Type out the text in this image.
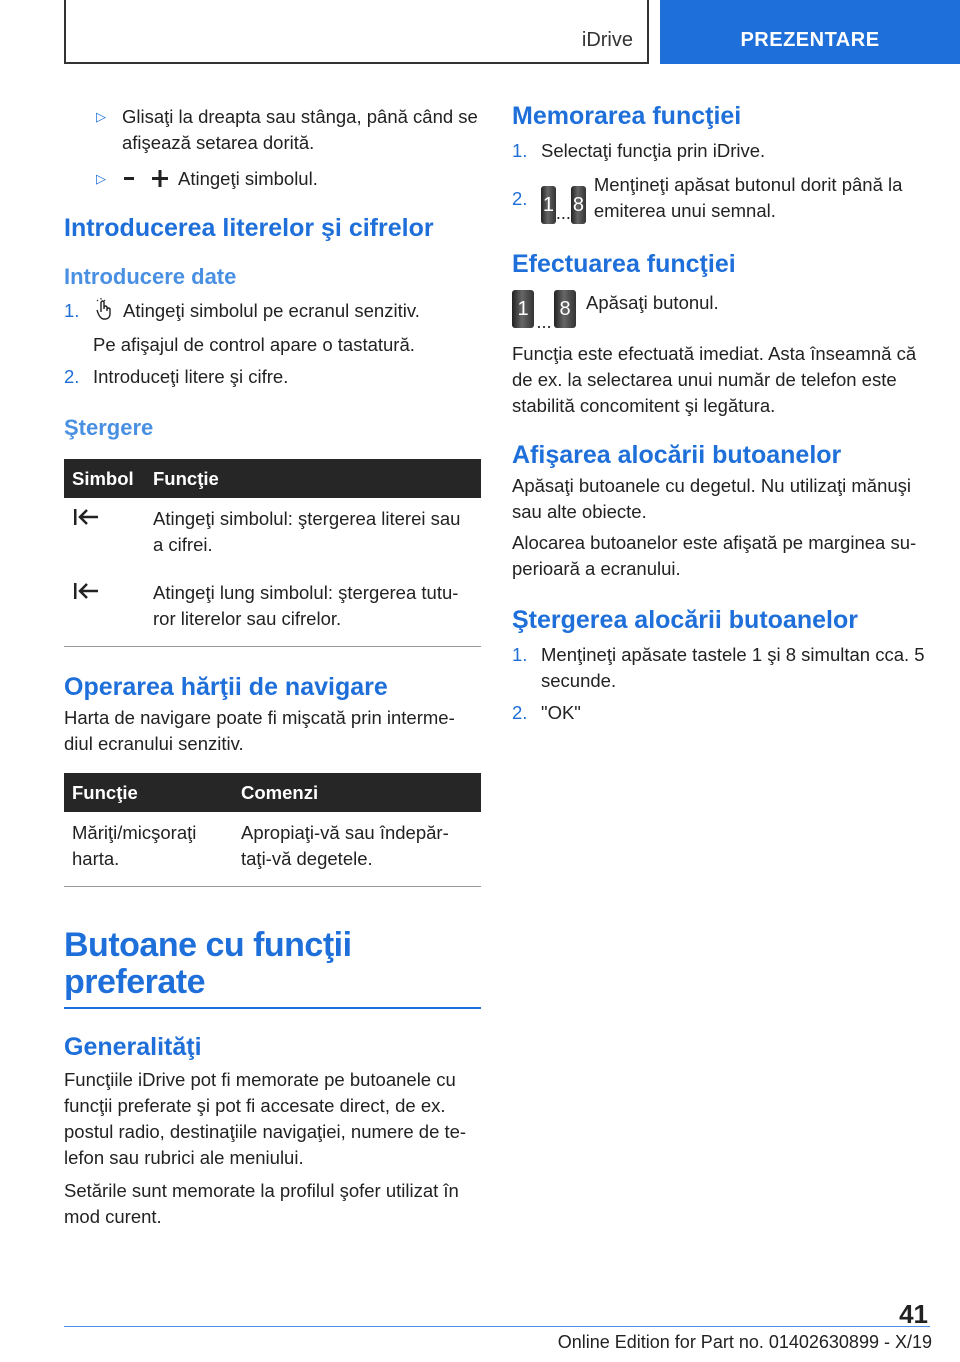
iDrive	PREZENTARE
▷ Glisaţi la dreapta sau stânga, până când se afişează setarea dorită.

▷	Atingeţi simbolul.

Introducerea literelor şi cifrelor
Introducere date
1.	Atingeţi simbolul pe ecranul senzitiv.

Pe afişajul de control apare o tastatură.

2. Introduceţi litere şi cifre.

Ştergere
Simbol	Funcţie
	Atingeţi simbolul: ştergerea literei sau a cifrei.
	Atingeţi lung simbolul: ştergerea tutu- ror literelor sau cifrelor.
Operarea hărţii de navigare

Harta de navigare poate fi mişcată prin interme- diul ecranului senzitiv.

Funcţie	Comenzi
Măriţi/micşoraţi harta.	Apropiaţi-vă sau îndepăr- taţi-vă degetele.
Butoane cu funcţii preferate
Generalităţi

Funcţiile iDrive pot fi memorate pe butoanele cu funcţii preferate şi pot fi accesate direct, de ex. postul radio, destinaţiile navigaţiei, numere de te- lefon sau rubrici ale meniului.

Setările sunt memorate la profilul şofer utilizat în mod curent.

Memorarea funcţiei
1. Selectaţi funcţia prin iDrive.

2. 1 ... 8

Menţineţi apăsat butonul dorit până la emiterea unui semnal.

Efectuarea funcţiei
1
...
8 Apăsaţi butonul.

Funcţia este efectuată imediat. Asta înseamnă că de ex. la selectarea unui număr de telefon este stabilită concomitent şi legătura.

Afişarea alocării butoanelor

Apăsaţi butoanele cu degetul. Nu utilizaţi mănuşi sau alte obiecte.

Alocarea butoanelor este afişată pe marginea su- perioară a ecranului.

Ştergerea alocării butoanelor
1. Menţineţi apăsate tastele 1 şi 8 simultan cca. 5 secunde.

2. "OK"

41
Online Edition for Part no. 01402630899 - X/19
